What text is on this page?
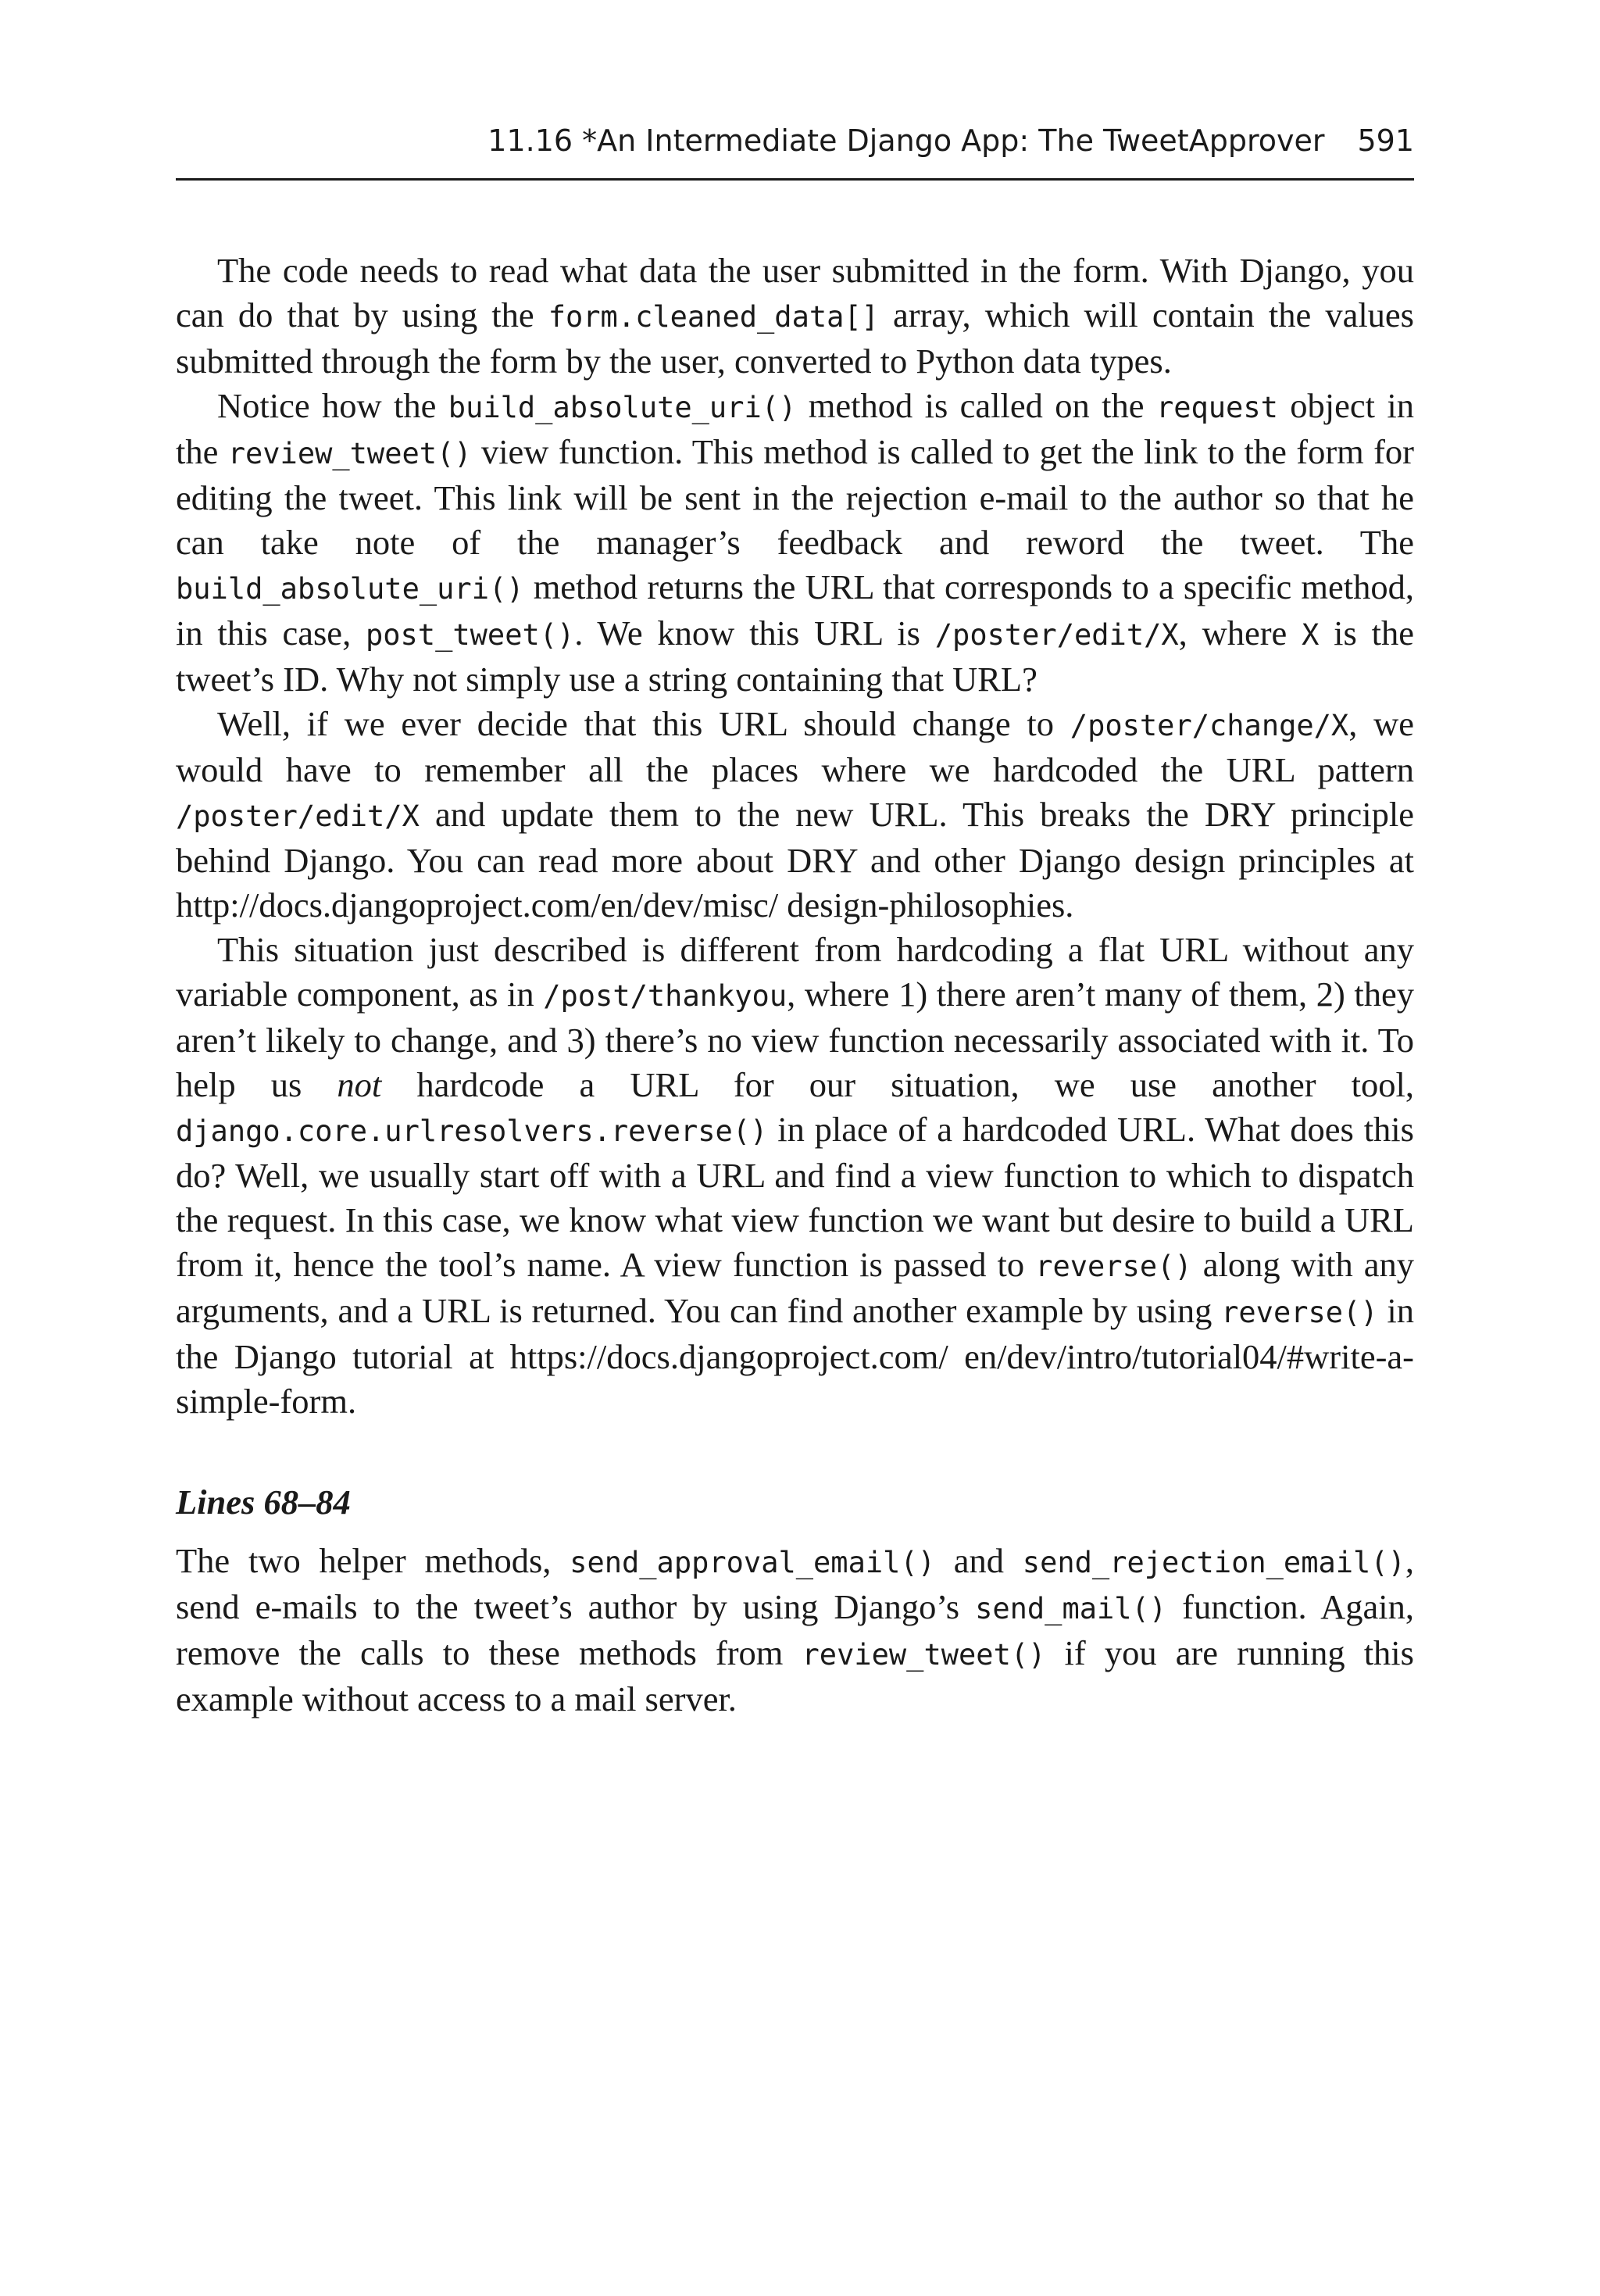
11.16 *An Intermediate Django App: The TweetApprover 591

The code needs to read what data the user submitted in the form. With Django, you can do that by using the form.cleaned_data[] array, which will contain the values submitted through the form by the user, converted to Python data types.

Notice how the build_absolute_uri() method is called on the request object in the review_tweet() view function. This method is called to get the link to the form for editing the tweet. This link will be sent in the rejection e-mail to the author so that he can take note of the manager’s feedback and reword the tweet. The build_absolute_uri() method returns the URL that corresponds to a specific method, in this case, post_tweet(). We know this URL is /poster/edit/X, where X is the tweet’s ID. Why not simply use a string containing that URL?

Well, if we ever decide that this URL should change to /poster/change/X, we would have to remember all the places where we hardcoded the URL pattern /poster/edit/X and update them to the new URL. This breaks the DRY principle behind Django. You can read more about DRY and other Django design principles at http://docs.djangoproject.com/en/dev/misc/ design-philosophies.

This situation just described is different from hardcoding a flat URL without any variable component, as in /post/thankyou, where 1) there aren’t many of them, 2) they aren’t likely to change, and 3) there’s no view function necessarily associated with it. To help us not hardcode a URL for our situation, we use another tool, django.core.urlresolvers.reverse() in place of a hardcoded URL. What does this do? Well, we usually start off with a URL and find a view function to which to dispatch the request. In this case, we know what view function we want but desire to build a URL from it, hence the tool’s name. A view function is passed to reverse() along with any arguments, and a URL is returned. You can find another example by using reverse() in the Django tutorial at https://docs.djangoproject.com/ en/dev/intro/tutorial04/#write-a-simple-form.

Lines 68–84

The two helper methods, send_approval_email() and send_rejection_email(), send e-mails to the tweet’s author by using Django’s send_mail() function. Again, remove the calls to these methods from review_tweet() if you are running this example without access to a mail server.
